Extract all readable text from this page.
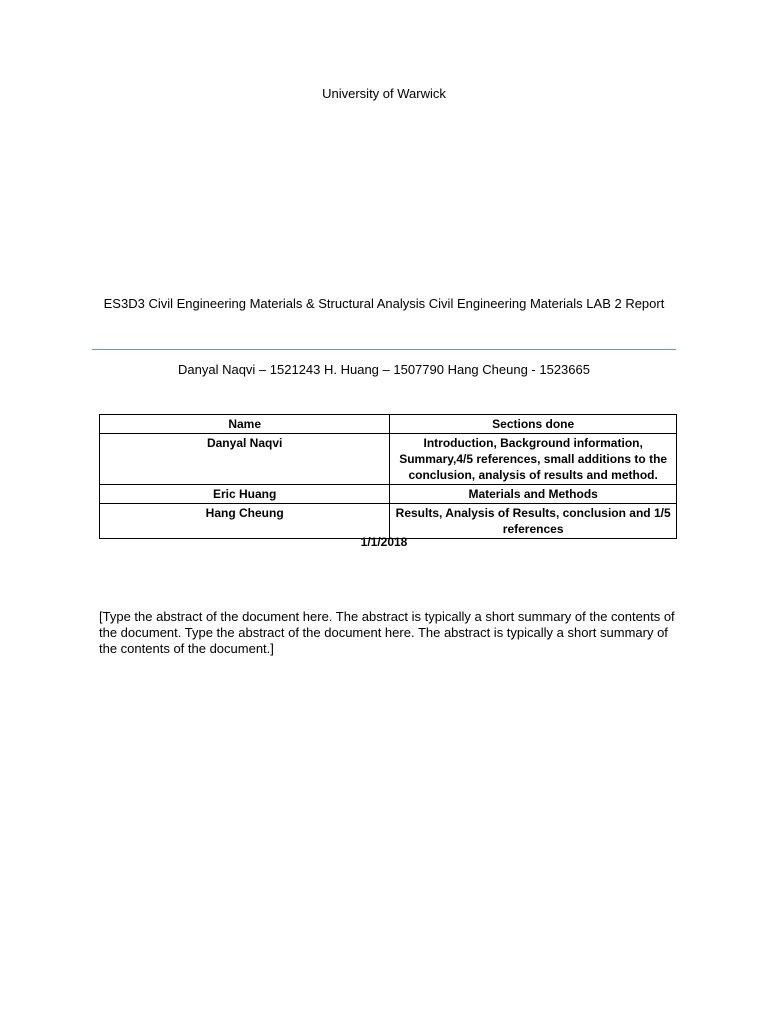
University of Warwick
ES3D3 Civil Engineering Materials & Structural Analysis Civil Engineering Materials LAB 2 Report
Danyal Naqvi – 1521243 H. Huang – 1507790 Hang Cheung - 1523665
Name	Sections done
Danyal Naqvi	Introduction, Background information, Summary,4/5 references, small additions to the conclusion, analysis of results and method.
Eric Huang	Materials and Methods
Hang Cheung	Results, Analysis of Results, conclusion and 1/5 references
1/1/2018
[Type the abstract of the document here. The abstract is typically a short summary of the contents of the document. Type the abstract of the document here. The abstract is typically a short summary of the contents of the document.]
